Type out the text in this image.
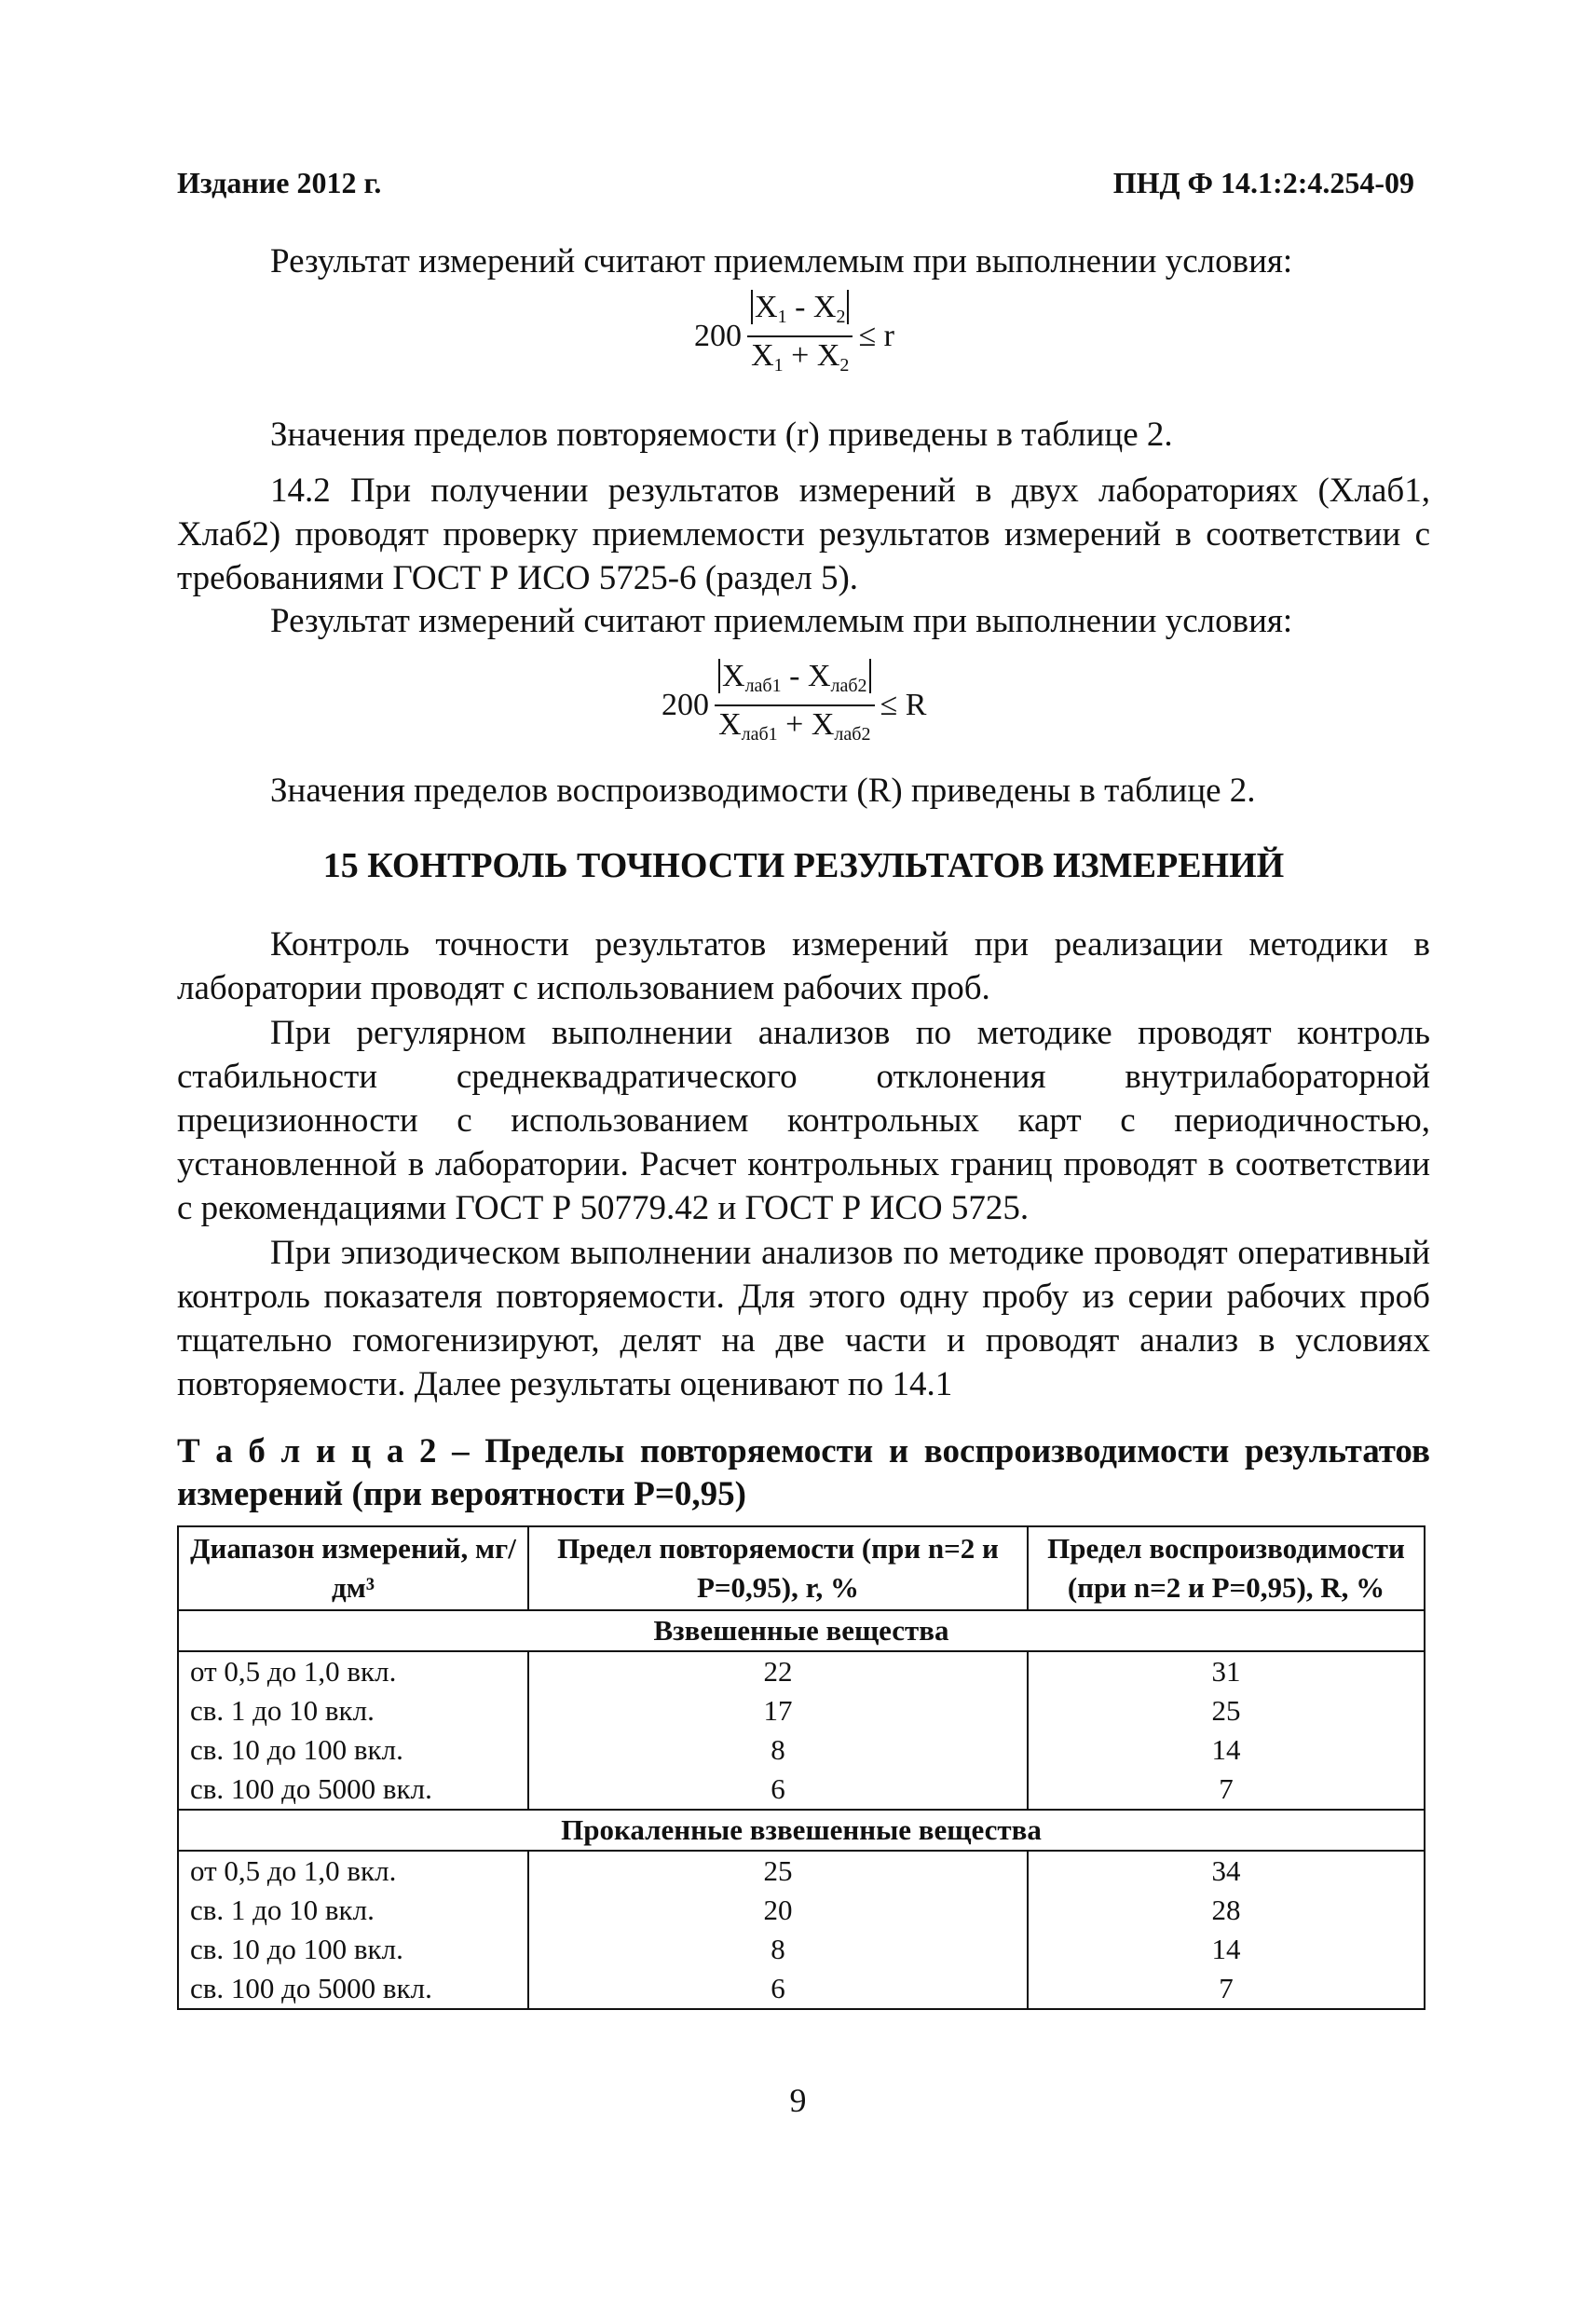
Издание 2012 г.	ПНД Ф 14.1:2:4.254-09
Результат измерений считают приемлемым при выполнении условия:
$200 \frac{X_1 - X_2}{X_1 + X_2} \le r$
Значения пределов повторяемости (r) приведены в таблице 2.
14.2 При получении результатов измерений в двух лабораториях (Xлаб1, Xлаб2) проводят проверку приемлемости результатов измерений в соответствии с требованиями ГОСТ Р ИСО 5725-6 (раздел 5).
Результат измерений считают приемлемым при выполнении условия:
$200 \frac{X_{лаб1} - X_{лаб2}}{X_{лаб1} + X_{лаб2}} \le R$
Значения пределов воспроизводимости (R) приведены в таблице 2.
15 КОНТРОЛЬ ТОЧНОСТИ РЕЗУЛЬТАТОВ ИЗМЕРЕНИЙ
Контроль точности результатов измерений при реализации методики в лаборатории проводят с использованием рабочих проб.
При регулярном выполнении анализов по методике проводят контроль стабильности среднеквадратического отклонения внутрилабораторной прецизионности с использованием контрольных карт с периодичностью, установленной в лаборатории. Расчет контрольных границ проводят в соответствии с рекомендациями ГОСТ Р 50779.42 и ГОСТ Р ИСО 5725.
При эпизодическом выполнении анализов по методике проводят оперативный контроль показателя повторяемости. Для этого одну пробу из серии рабочих проб тщательно гомогенизируют, делят на две части и проводят анализ в условиях повторяемости. Далее результаты оценивают по 14.1
Т а б л и ц а 2 – Пределы повторяемости и воспроизводимости результатов измерений (при вероятности Р=0,95)
Диапазон измерений, мг/дм³	Предел повторяемости (при n=2 и Р=0,95), r, %	Предел воспроизводимости (при n=2 и Р=0,95), R, %
Взвешенные вещества		
от 0,5 до 1,0 вкл.	22	31
св. 1 до 10 вкл.	17	25
св. 10 до 100 вкл.	8	14
св. 100 до 5000 вкл.	6	7
Прокаленные взвешенные вещества		
от 0,5 до 1,0 вкл.	25	34
св. 1 до 10 вкл.	20	28
св. 10 до 100 вкл.	8	14
св. 100 до 5000 вкл.	6	7
9
